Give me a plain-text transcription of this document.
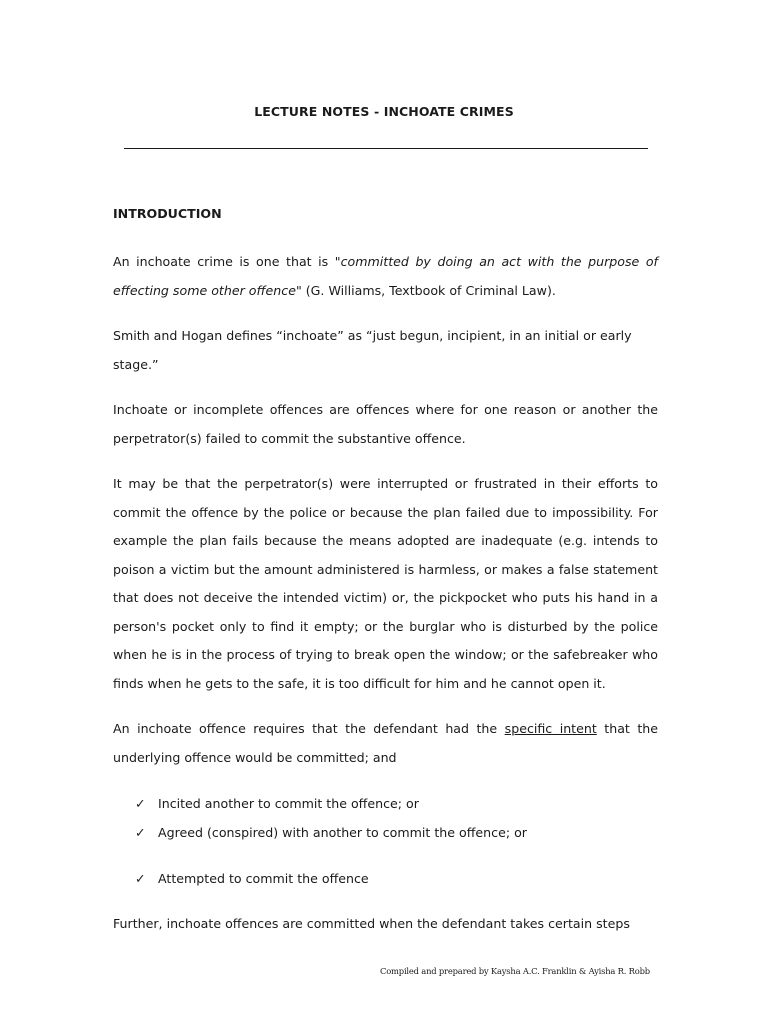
LECTURE NOTES - INCHOATE CRIMES
INTRODUCTION

An inchoate crime is one that is "committed by doing an act with the purpose of effecting some other offence" (G. Williams, Textbook of Criminal Law).

Smith and Hogan defines “inchoate” as “just begun, incipient, in an initial or early stage.”

Inchoate or incomplete offences are offences where for one reason or another the perpetrator(s) failed to commit the substantive offence.

It may be that the perpetrator(s) were interrupted or frustrated in their efforts to commit the offence by the police or because the plan failed due to impossibility. For example the plan fails because the means adopted are inadequate (e.g. intends to poison a victim but the amount administered is harmless, or makes a false statement that does not deceive the intended victim) or, the pickpocket who puts his hand in a person's pocket only to find it empty; or the burglar who is disturbed by the police when he is in the process of trying to break open the window; or the safebreaker who finds when he gets to the safe, it is too difficult for him and he cannot open it.

An inchoate offence requires that the defendant had the specific intent that the underlying offence would be committed; and

✓ Incited another to commit the offence; or
✓ Agreed (conspired) with another to commit the offence; or
✓ Attempted to commit the offence

Further, inchoate offences are committed when the defendant takes certain steps

Compiled and prepared by Kaysha A.C. Franklin & Ayisha R. Robb
